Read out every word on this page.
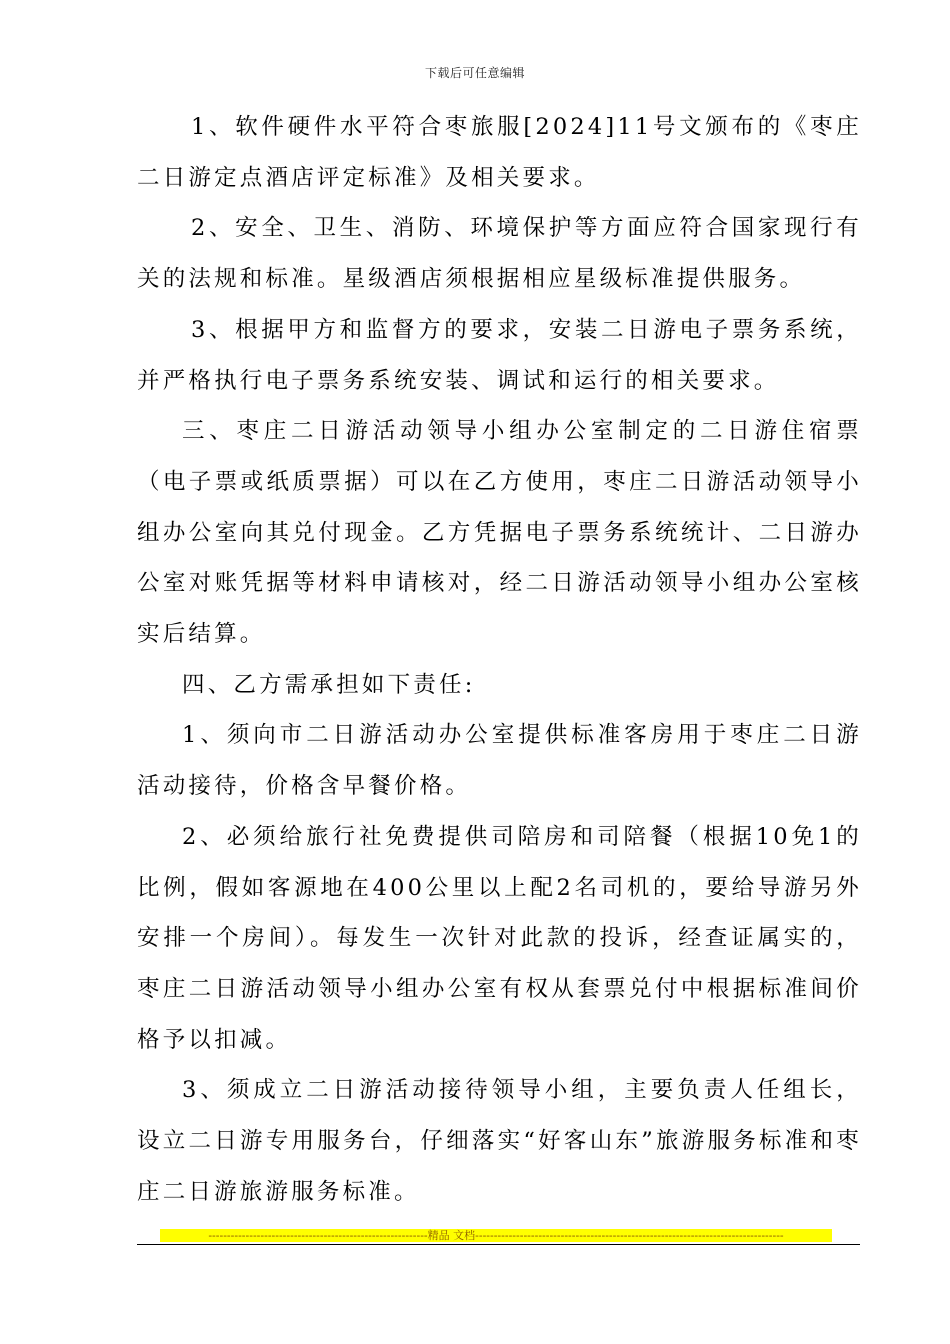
下载后可任意编辑

1、软件硬件水平符合枣旅服[2024]11号文颁布的《枣庄二日游定点酒店评定标准》及相关要求。

2、安全、卫生、消防、环境保护等方面应符合国家现行有关的法规和标准。星级酒店须根据相应星级标准提供服务。

3、根据甲方和监督方的要求，安装二日游电子票务系统，并严格执行电子票务系统安装、调试和运行的相关要求。

三、枣庄二日游活动领导小组办公室制定的二日游住宿票（电子票或纸质票据）可以在乙方使用，枣庄二日游活动领导小组办公室向其兑付现金。乙方凭据电子票务系统统计、二日游办公室对账凭据等材料申请核对，经二日游活动领导小组办公室核实后结算。

四、乙方需承担如下责任:

1、须向市二日游活动办公室提供标准客房用于枣庄二日游活动接待，价格含早餐价格。

2、必须给旅行社免费提供司陪房和司陪餐（根据10免1的比例，假如客源地在400公里以上配2名司机的，要给导游另外安排一个房间）。每发生一次针对此款的投诉，经查证属实的，枣庄二日游活动领导小组办公室有权从套票兑付中根据标准间价格予以扣减。

3、须成立二日游活动接待领导小组，主要负责人任组长，设立二日游专用服务台，仔细落实“好客山东”旅游服务标准和枣庄二日游旅游服务标准。

-----------------------------------------------------------精品 文档-----------------------------------------------------------------------------------
